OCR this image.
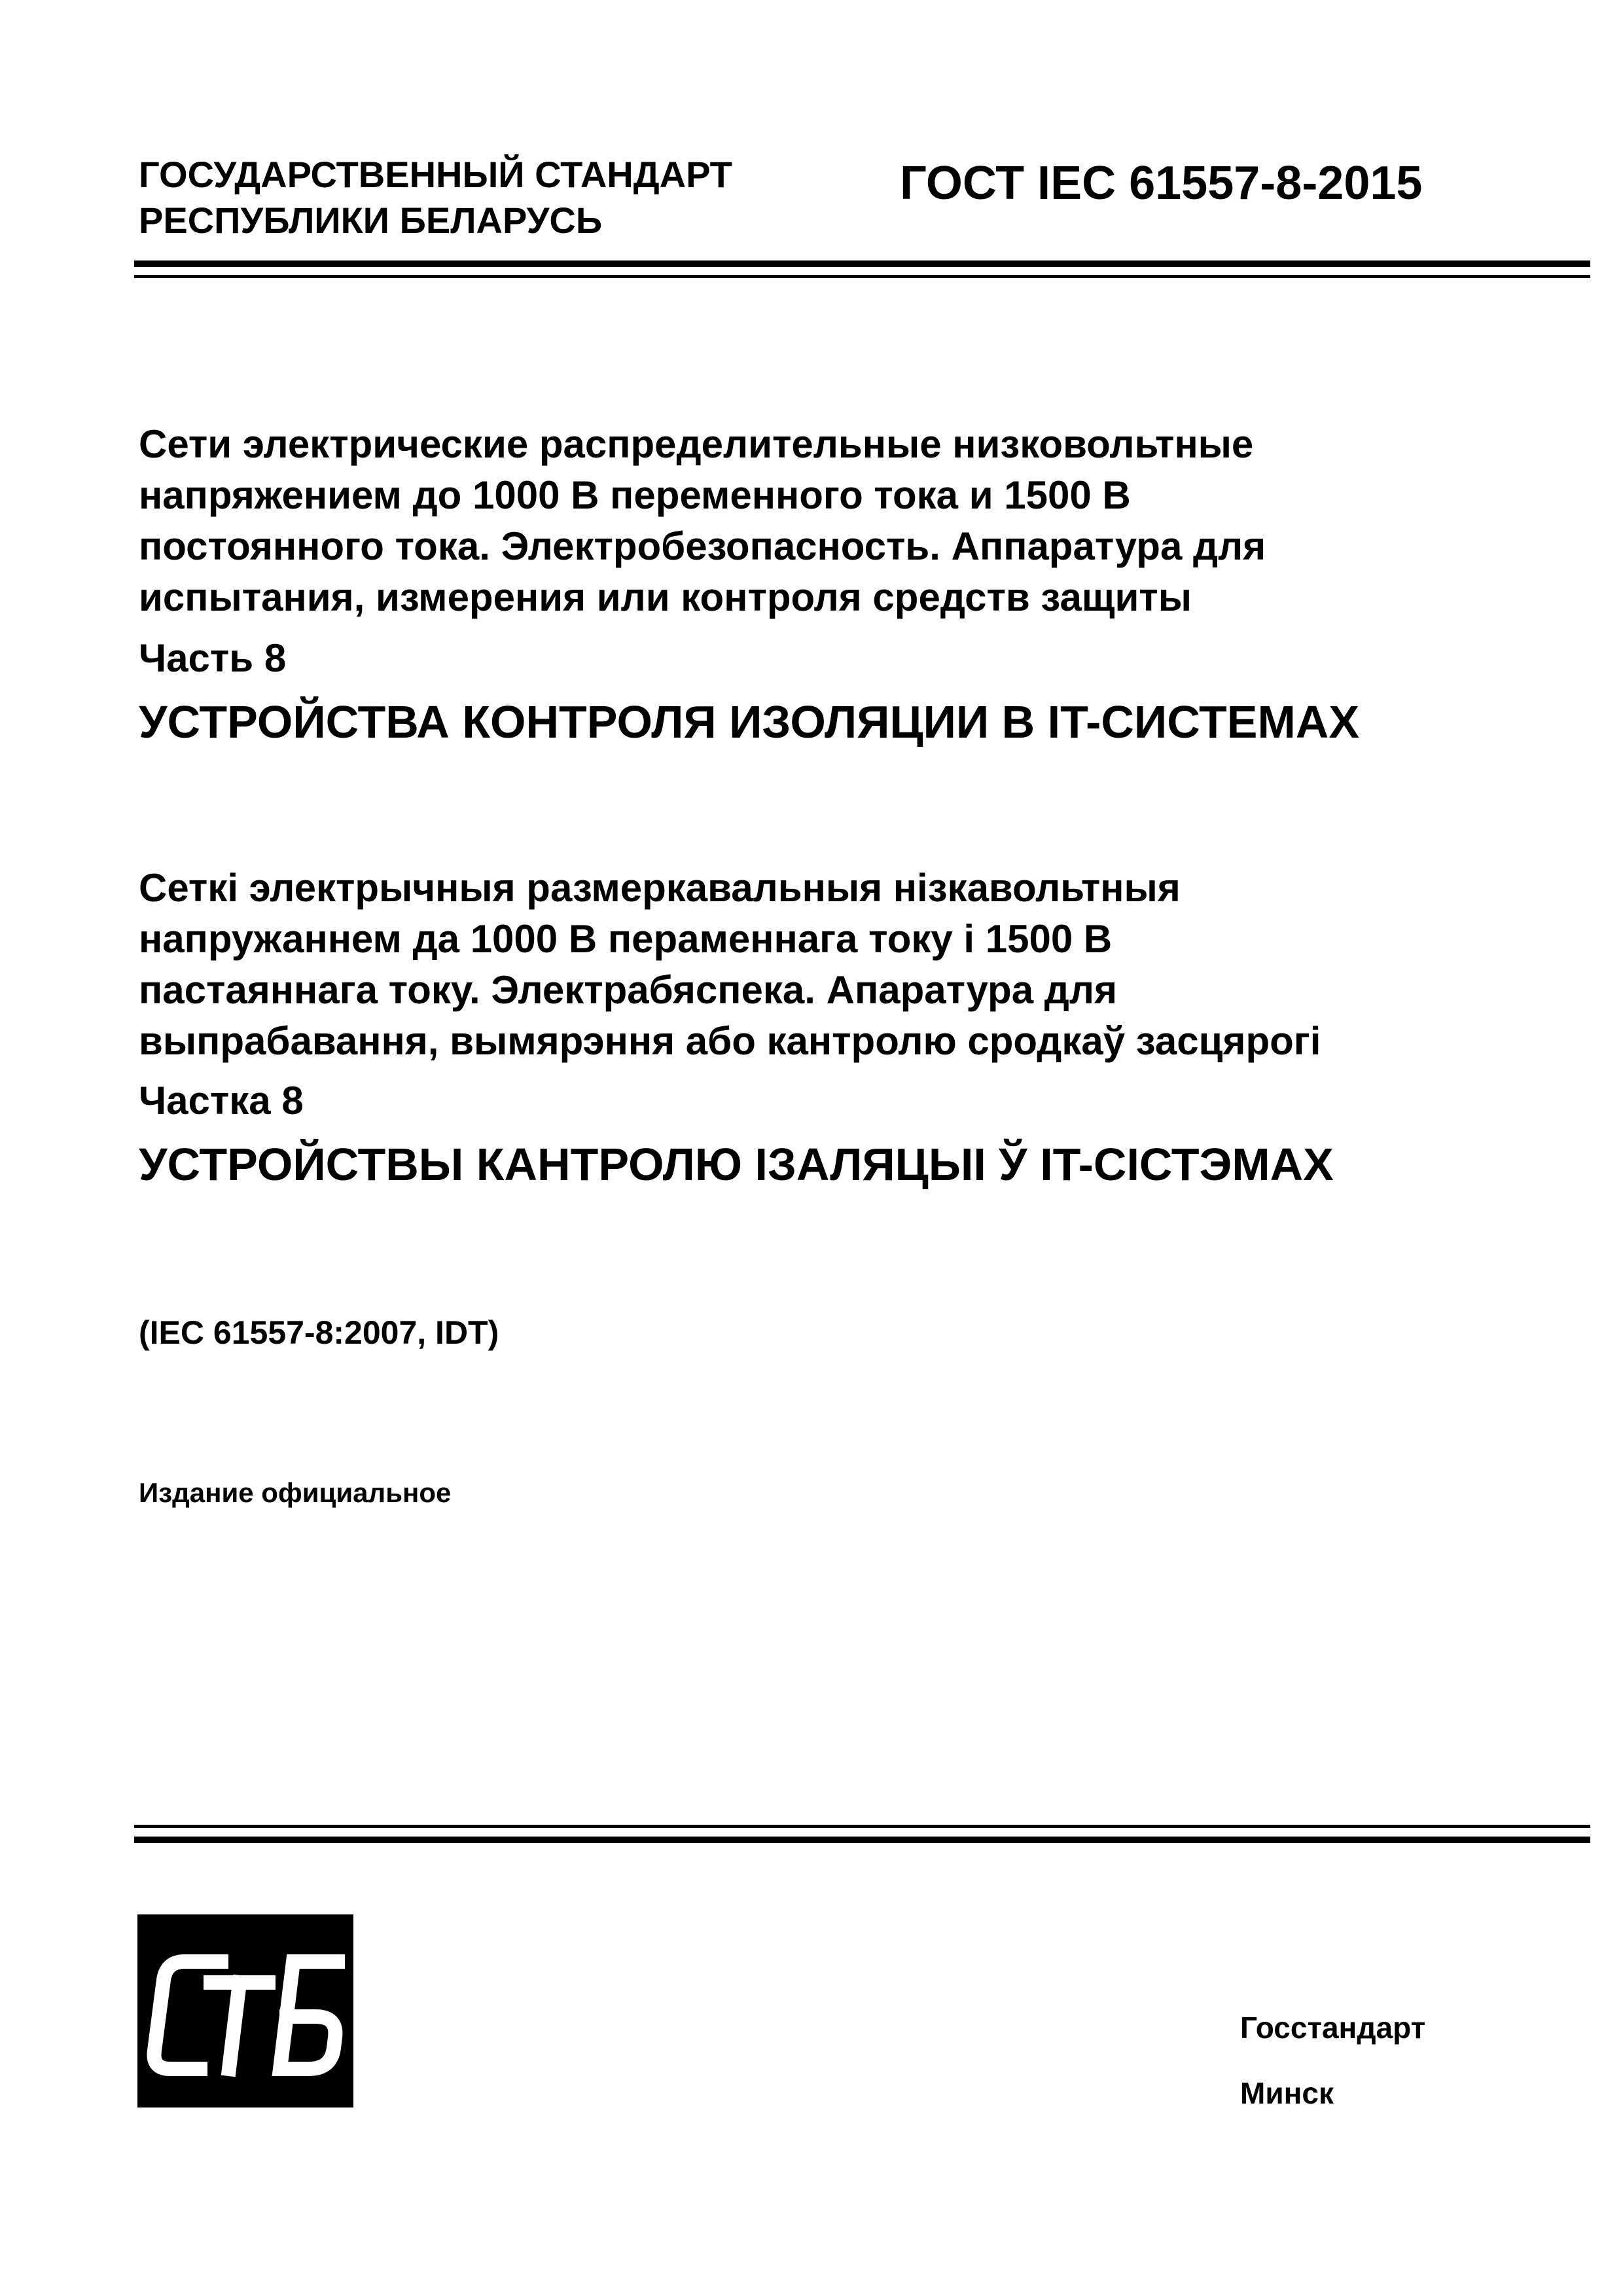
ГОСУДАРСТВЕННЫЙ СТАНДАРТ
РЕСПУБЛИКИ БЕЛАРУСЬ
ГОСТ IEC 61557-8-2015
Сети электрические распределительные низковольтные
напряжением до 1000 В переменного тока и 1500 В
постоянного тока. Электробезопасность. Аппаратура для
испытания, измерения или контроля средств защиты
Часть 8
УСТРОЙСТВА КОНТРОЛЯ ИЗОЛЯЦИИ В IT-СИСТЕМАХ
Сеткі электрычныя размеркавальныя нізкавольтныя
напружаннем да 1000 В пераменнага току і 1500 В
пастаяннага току. Электрабяспека. Апаратура для
выпрабавання, вымярэння або кантролю сродкаў засцярогі
Частка 8
УСТРОЙСТВЫ КАНТРОЛЮ ІЗАЛЯЦЫІ Ў IT-СІСТЭМАХ
(IEC 61557-8:2007, IDT)
Издание официальное
Госстандарт
Минск
